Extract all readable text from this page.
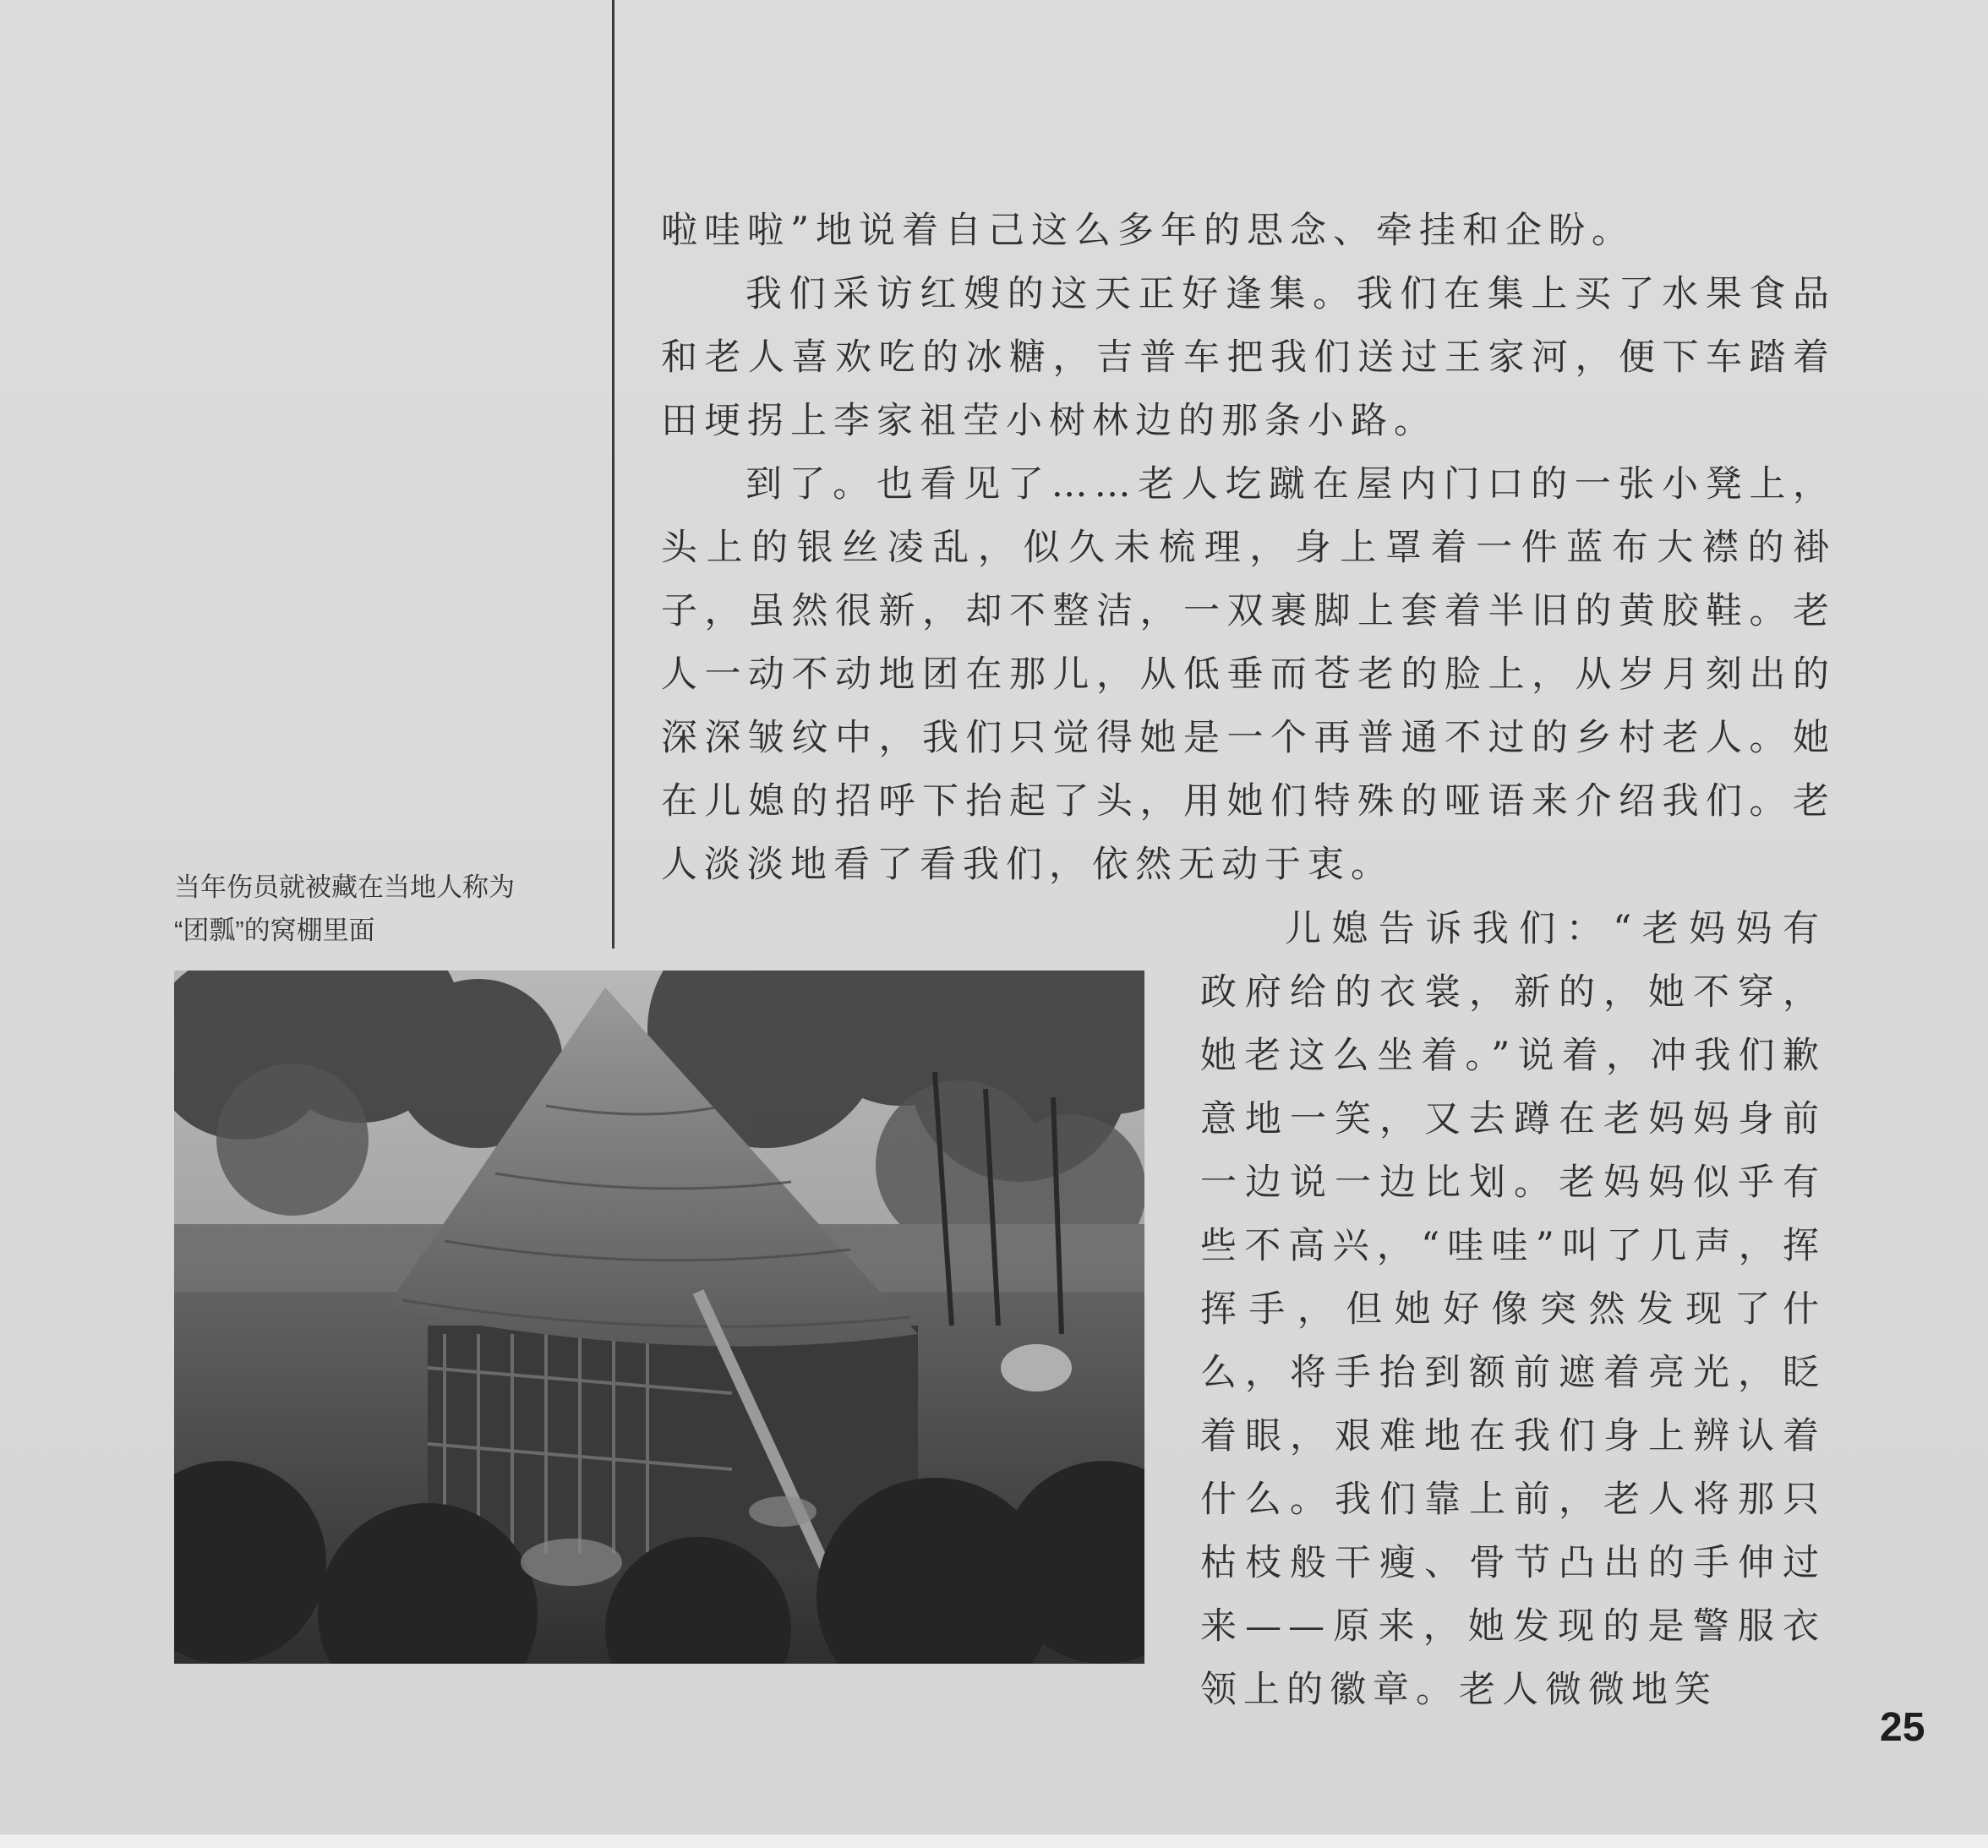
啦哇啦”地说着自己这么多年的思念、牵挂和企盼。

我们采访红嫂的这天正好逢集。我们在集上买了水果食品和老人喜欢吃的冰糖，吉普车把我们送过王家河，便下车踏着田埂拐上李家祖茔小树林边的那条小路。

到了。也看见了……老人圪蹴在屋内门口的一张小凳上，头上的银丝凌乱，似久未梳理，身上罩着一件蓝布大襟的褂子，虽然很新，却不整洁，一双裹脚上套着半旧的黄胶鞋。老人一动不动地团在那儿，从低垂而苍老的脸上，从岁月刻出的深深皱纹中，我们只觉得她是一个再普通不过的乡村老人。她在儿媳的招呼下抬起了头，用她们特殊的哑语来介绍我们。老人淡淡地看了看我们，依然无动于衷。

儿媳告诉我们：“老妈妈有政府给的衣裳，新的，她不穿，她老这么坐着。”说着，冲我们歉意地一笑，又去蹲在老妈妈身前一边说一边比划。老妈妈似乎有些不高兴，“哇哇”叫了几声，挥挥手，但她好像突然发现了什么，将手抬到额前遮着亮光，眨着眼，艰难地在我们身上辨认着什么。我们靠上前，老人将那只枯枝般干瘦、骨节凸出的手伸过来——原来，她发现的是警服衣领上的徽章。老人微微地笑

当年伤员就被藏在当地人称为
“团瓢”的窝棚里面
25
